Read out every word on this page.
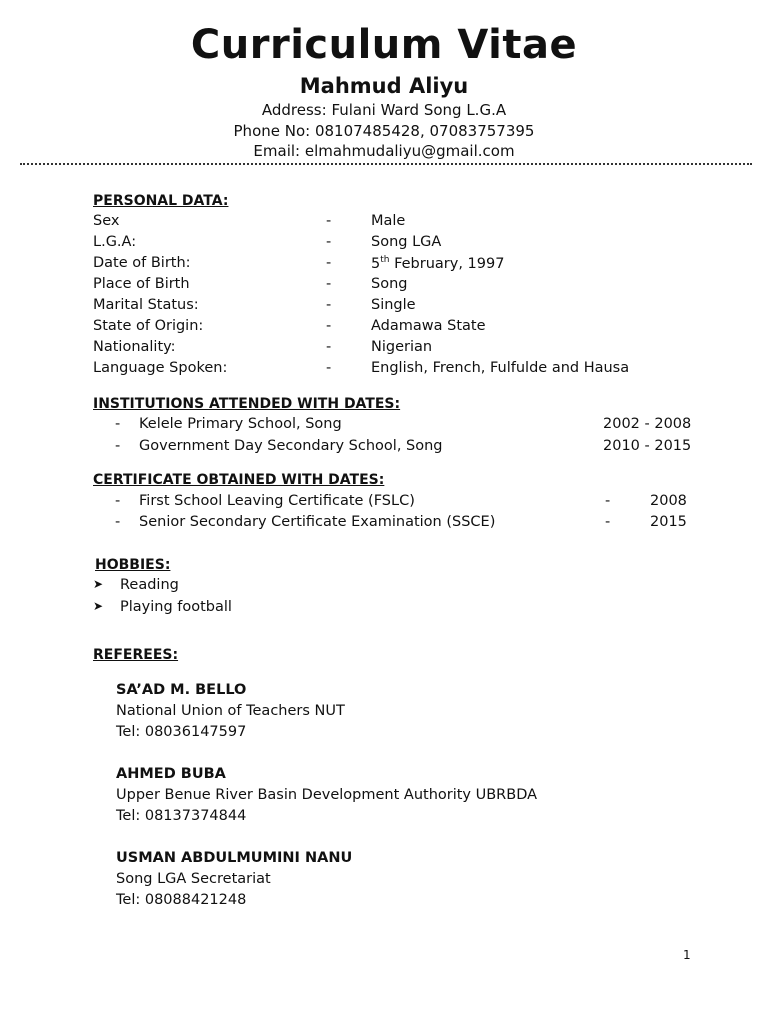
Curriculum Vitae
Mahmud Aliyu
Address: Fulani Ward Song L.G.A
Phone No: 08107485428, 07083757395
Email: elmahmudaliyu@gmail.com
PERSONAL DATA:
Sex	-	Male
L.G.A:	-	Song LGA
Date of Birth:	-	5th February, 1997
Place of Birth	-	Song
Marital Status:	-	Single
State of Origin:	-	Adamawa State
Nationality:	-	Nigerian
Language Spoken:	-	English, French, Fulfulde and Hausa
INSTITUTIONS ATTENDED WITH DATES:
- Kelele Primary School, Song	2002 - 2008
- Government Day Secondary School, Song	2010 - 2015
CERTIFICATE OBTAINED WITH DATES:
- First School Leaving Certificate (FSLC)	-	2008
- Senior Secondary Certificate Examination (SSCE)	-	2015
HOBBIES:
➤ Reading
➤ Playing football
REFEREES:
SA’AD M. BELLO
National Union of Teachers NUT
Tel: 08036147597
AHMED BUBA
Upper Benue River Basin Development Authority UBRBDA
Tel: 08137374844
USMAN ABDULMUMINI NANU
Song LGA Secretariat
Tel: 08088421248
1
